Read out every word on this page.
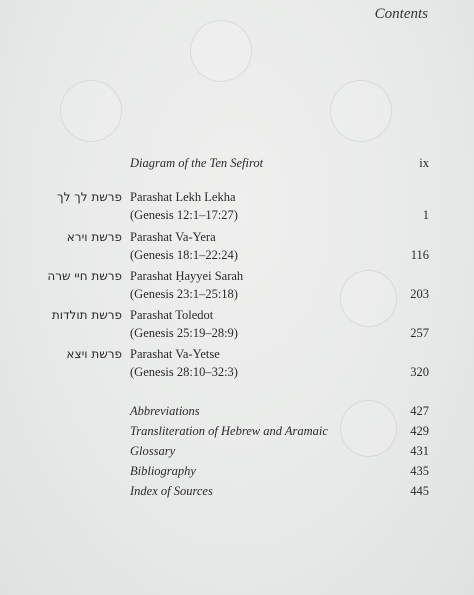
Contents
Diagram of the Ten Sefirot	ix
פרשת לך לך Parashat Lekh Lekha
(Genesis 12:1–17:27)	1
פרשת וירא Parashat Va-Yera
(Genesis 18:1–22:24)	116
פרשת חיי שרה Parashat Ḥayyei Sarah
(Genesis 23:1–25:18)	203
פרשת תולדות Parashat Toledot
(Genesis 25:19–28:9)	257
פרשת ויצא Parashat Va-Yetse
(Genesis 28:10–32:3)	320
Abbreviations	427
Transliteration of Hebrew and Aramaic	429
Glossary	431
Bibliography	435
Index of Sources	445
